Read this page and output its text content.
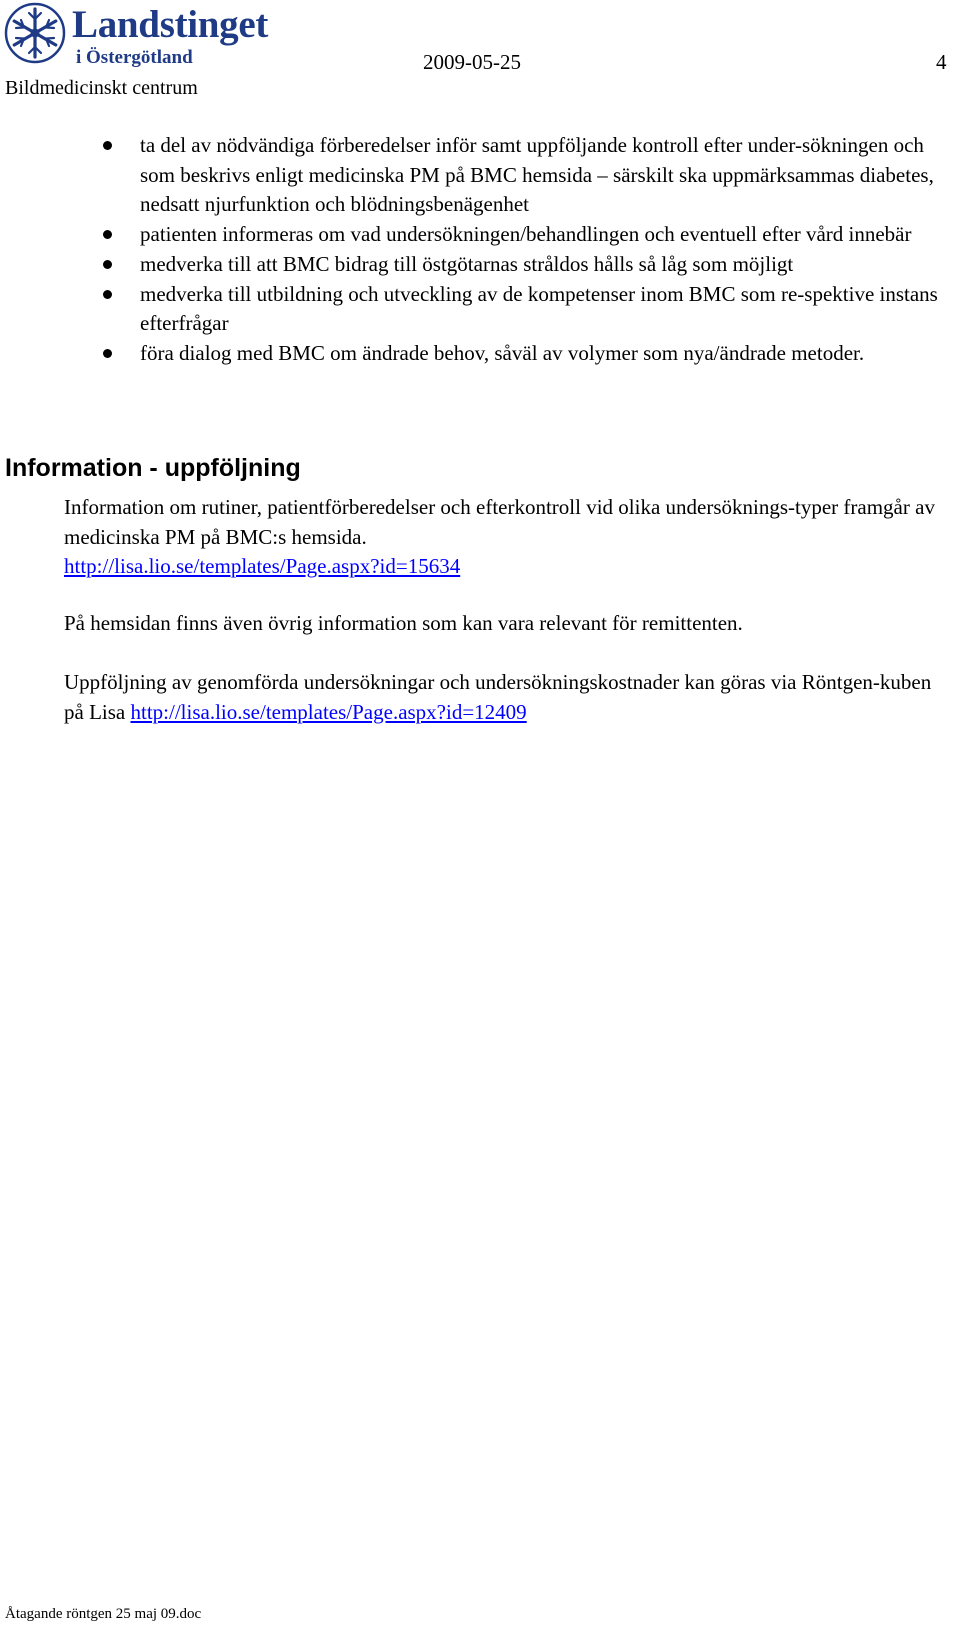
Landstinget
i Östergötland
Bildmedicinskt centrum
2009-05-25	4
ta del av nödvändiga förberedelser inför samt uppföljande kontroll efter under-sökningen och som beskrivs enligt medicinska PM på BMC hemsida – särskilt ska uppmärksammas diabetes, nedsatt njurfunktion och blödningsbenägenhet
patienten informeras om vad undersökningen/behandlingen och eventuell efter vård innebär
medverka till att BMC bidrag till östgötarnas stråldos hålls så låg som möjligt
medverka till utbildning och utveckling av de kompetenser inom BMC som re-spektive instans efterfrågar
föra dialog med BMC om ändrade behov, såväl av volymer som nya/ändrade metoder.
Information - uppföljning

Information om rutiner, patientförberedelser och efterkontroll vid olika undersöknings-typer framgår av medicinska PM på BMC:s hemsida.
http://lisa.lio.se/templates/Page.aspx?id=15634

På hemsidan finns även övrig information som kan vara relevant för remittenten.

Uppföljning av genomförda undersökningar och undersökningskostnader kan göras via Röntgen-kuben på Lisa http://lisa.lio.se/templates/Page.aspx?id=12409

Åtagande röntgen 25 maj 09.doc
